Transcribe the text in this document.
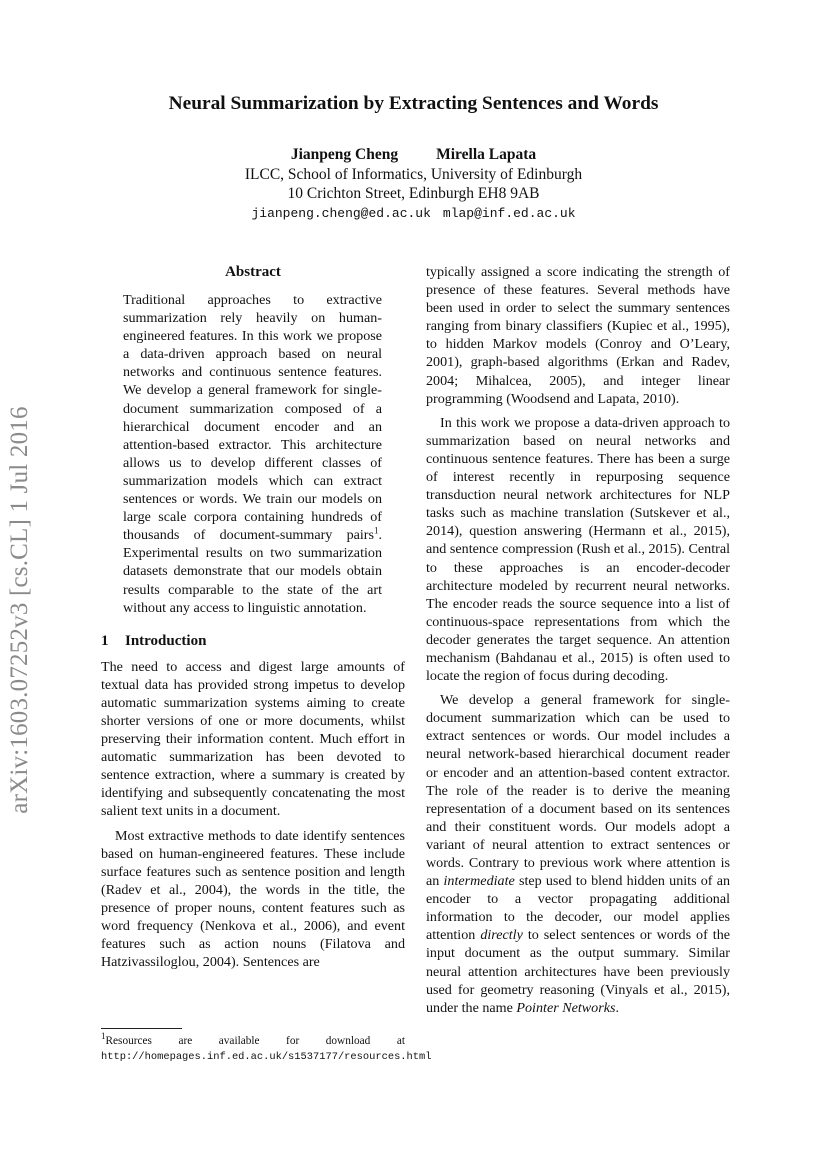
arXiv:1603.07252v3 [cs.CL] 1 Jul 2016
Neural Summarization by Extracting Sentences and Words
Jianpeng Cheng Mirella Lapata
ILCC, School of Informatics, University of Edinburgh
10 Crichton Street, Edinburgh EH8 9AB
jianpeng.cheng@ed.ac.uk mlap@inf.ed.ac.uk
Abstract

Traditional approaches to extractive summarization rely heavily on human-engineered features. In this work we propose a data-driven approach based on neural networks and continuous sentence features. We develop a general framework for single-document summarization composed of a hierarchical document encoder and an attention-based extractor. This architecture allows us to develop different classes of summarization models which can extract sentences or words. We train our models on large scale corpora containing hundreds of thousands of document-summary pairs$^1$. Experimental results on two summarization datasets demonstrate that our models obtain results comparable to the state of the art without any access to linguistic annotation.

1 Introduction

The need to access and digest large amounts of textual data has provided strong impetus to develop automatic summarization systems aiming to create shorter versions of one or more documents, whilst preserving their information content. Much effort in automatic summarization has been devoted to sentence extraction, where a summary is created by identifying and subsequently concatenating the most salient text units in a document.

Most extractive methods to date identify sentences based on human-engineered features. These include surface features such as sentence position and length (Radev et al., 2004), the words in the title, the presence of proper nouns, content features such as word frequency (Nenkova et al., 2006), and event features such as action nouns (Filatova and Hatzivassiloglou, 2004). Sentences are

$^1$Resources are available for download at http://homepages.inf.ed.ac.uk/s1537177/resources.html

typically assigned a score indicating the strength of presence of these features. Several methods have been used in order to select the summary sentences ranging from binary classifiers (Kupiec et al., 1995), to hidden Markov models (Conroy and O’Leary, 2001), graph-based algorithms (Erkan and Radev, 2004; Mihalcea, 2005), and integer linear programming (Woodsend and Lapata, 2010).

In this work we propose a data-driven approach to summarization based on neural networks and continuous sentence features. There has been a surge of interest recently in repurposing sequence transduction neural network architectures for NLP tasks such as machine translation (Sutskever et al., 2014), question answering (Hermann et al., 2015), and sentence compression (Rush et al., 2015). Central to these approaches is an encoder-decoder architecture modeled by recurrent neural networks. The encoder reads the source sequence into a list of continuous-space representations from which the decoder generates the target sequence. An attention mechanism (Bahdanau et al., 2015) is often used to locate the region of focus during decoding.

We develop a general framework for single-document summarization which can be used to extract sentences or words. Our model includes a neural network-based hierarchical document reader or encoder and an attention-based content extractor. The role of the reader is to derive the meaning representation of a document based on its sentences and their constituent words. Our models adopt a variant of neural attention to extract sentences or words. Contrary to previous work where attention is an intermediate step used to blend hidden units of an encoder to a vector propagating additional information to the decoder, our model applies attention directly to select sentences or words of the input document as the output summary. Similar neural attention architectures have been previously used for geometry reasoning (Vinyals et al., 2015), under the name Pointer Networks.
